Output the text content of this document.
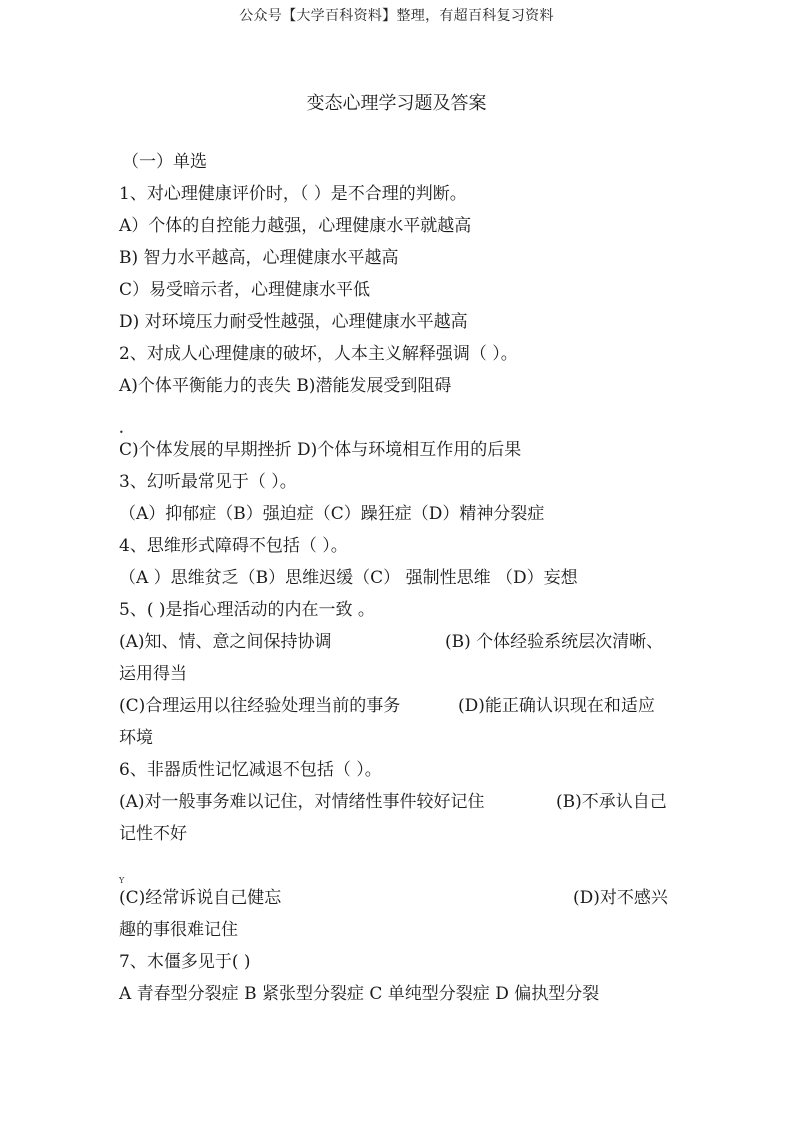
公众号【大学百科资料】整理，有超百科复习资料
变态心理学习题及答案
（一）单选
1、对心理健康评价时，（ ）是不合理的判断。
A）个体的自控能力越强，心理健康水平就越高
B) 智力水平越高，心理健康水平越高
C）易受暗示者，心理健康水平低
D) 对环境压力耐受性越强，心理健康水平越高
2、对成人心理健康的破坏，人本主义解释强调（ ）。
A)个体平衡能力的丧失 B)潜能发展受到阻碍
•
C)个体发展的早期挫折 D)个体与环境相互作用的后果
3、幻听最常见于（ ）。
（A）抑郁症（B）强迫症（C）躁狂症（D）精神分裂症
4、思维形式障碍不包括（ ）。
（A ）思维贫乏（B）思维迟缓（C） 强制性思维 （D）妄想
5、( )是指心理活动的内在一致 。
(A)知、情、意之间保持协调	(B) 个体经验系统层次清晰、
运用得当
(C)合理运用以往经验处理当前的事务	(D)能正确认识现在和适应
环境
6、非器质性记忆减退不包括（ ）。
(A)对一般事务难以记住，对情绪性事件较好记住	(B)不承认自己
记性不好
Y
(C)经常诉说自己健忘	(D)对不感兴
趣的事很难记住
7、木僵多见于( )
A 青春型分裂症 B 紧张型分裂症 C 单纯型分裂症 D 偏执型分裂
